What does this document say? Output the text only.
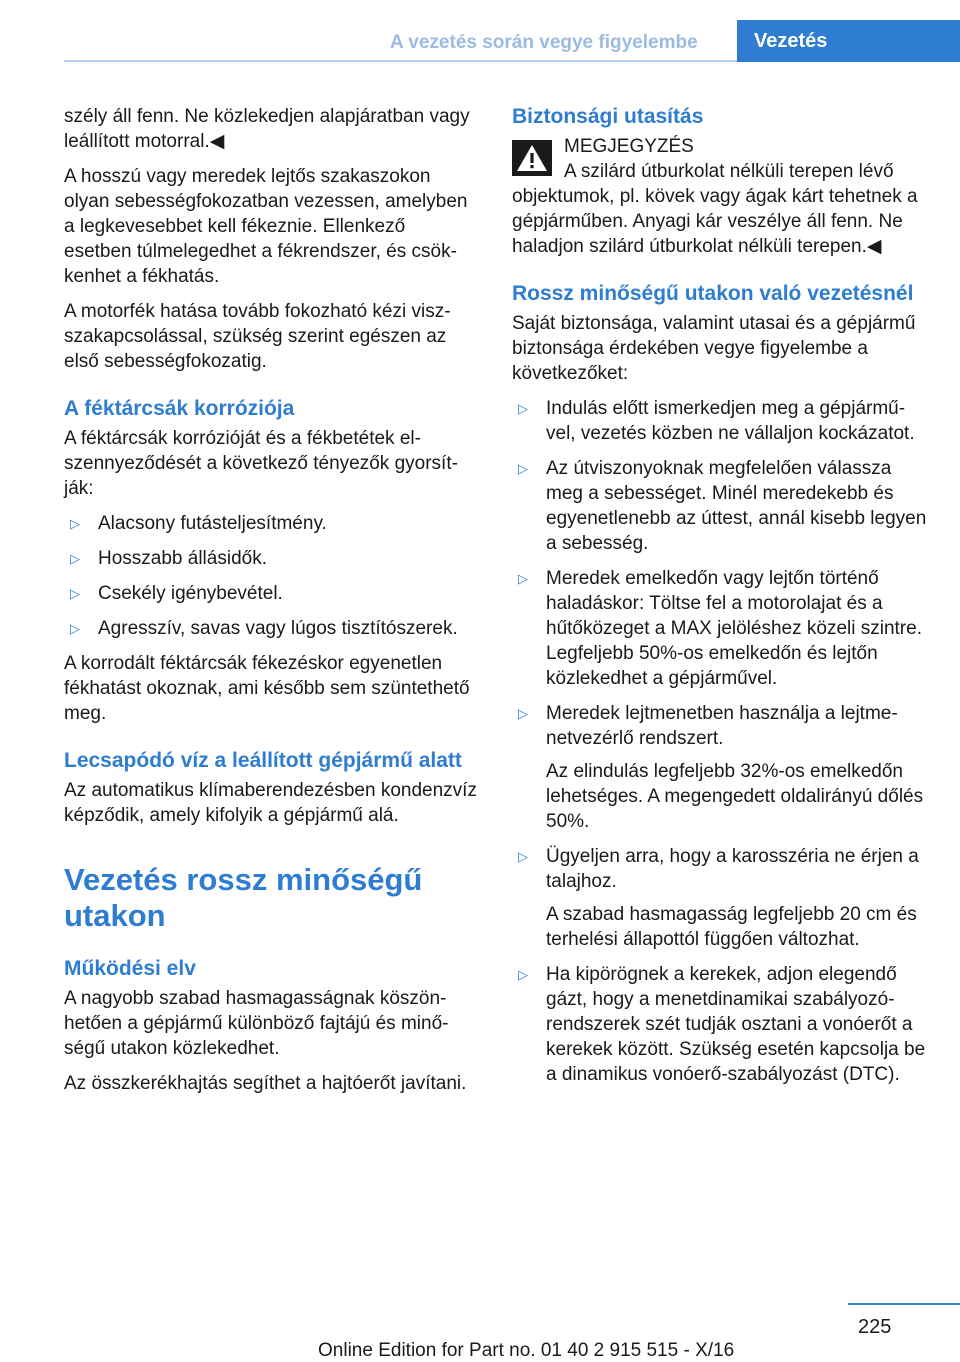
A vezetés során vegye figyelembe	Vezetés

szély áll fenn. Ne közlekedjen alapjáratban vagy leállított motorral.◀

A hosszú vagy meredek lejtős szakaszokon olyan sebességfokozatban vezessen, amelyben a legkevesebbet kell fékeznie. Ellenkező esetben túlmelegedhet a fékrendszer, és csökkenhet a fékhatás.

A motorfék hatása tovább fokozható kézi viszszakapcsolással, szükség szerint egészen az első sebességfokozatig.

A féktárcsák korróziója

A féktárcsák korrózióját és a fékbetétek elszennyeződését a következő tényezők gyorsítják:

▷ Alacsony futásteljesítmény.
▷ Hosszabb állásidők.
▷ Csekély igénybevétel.
▷ Agresszív, savas vagy lúgos tisztítószerek.

A korrodált féktárcsák fékezéskor egyenetlen fékhatást okoznak, ami később sem szüntethető meg.

Lecsapódó víz a leállított gépjármű alatt

Az automatikus klímaberendezésben kondenzvíz képződik, amely kifolyik a gépjármű alá.

Vezetés rossz minőségű utakon
Működési elv

A nagyobb szabad hasmagasságnak köszönhetően a gépjármű különböző fajtájú és minőségű utakon közlekedhet.

Az összkerékhajtás segíthet a hajtóerőt javítani.

Biztonsági utasítás
MEGJEGYZÉS
A szilárd útburkolat nélküli terepen lévő

objektumok, pl. kövek vagy ágak kárt tehetnek a gépjárműben. Anyagi kár veszélye áll fenn. Ne haladjon szilárd útburkolat nélküli terepen.◀

Rossz minőségű utakon való vezetésnél

Saját biztonsága, valamint utasai és a gépjármű biztonsága érdekében vegye figyelembe a következőket:

▷ Indulás előtt ismerkedjen meg a gépjárművel, vezetés közben ne vállaljon kockázatot.
▷ Az útviszonyoknak megfelelően válassza meg a sebességet. Minél meredekebb és egyenetlenebb az úttest, annál kisebb legyen a sebesség.
▷ Meredek emelkedőn vagy lejtőn történő haladáskor: Töltse fel a motorolajat és a hűtőközeget a MAX jelöléshez közeli szintre. Legfeljebb 50%-os emelkedőn és lejtőn közlekedhet a gépjárművel.
▷ Meredek lejtmenetben használja a lejtmenetvezérlő rendszert.

Az elindulás legfeljebb 32%-os emelkedőn lehetséges. A megengedett oldalirányú dőlés 50%.

▷ Ügyeljen arra, hogy a karosszéria ne érjen a talajhoz.

A szabad hasmagasság legfeljebb 20 cm és terhelési állapottól függően változhat.

▷ Ha kipörögnek a kerekek, adjon elegendő gázt, hogy a menetdinamikai szabályozórendszerek szét tudják osztani a vonóerőt a kerekek között. Szükség esetén kapcsolja be a dinamikus vonóerő-szabályozást (DTC).
225
Online Edition for Part no. 01 40 2 915 515 - X/16
